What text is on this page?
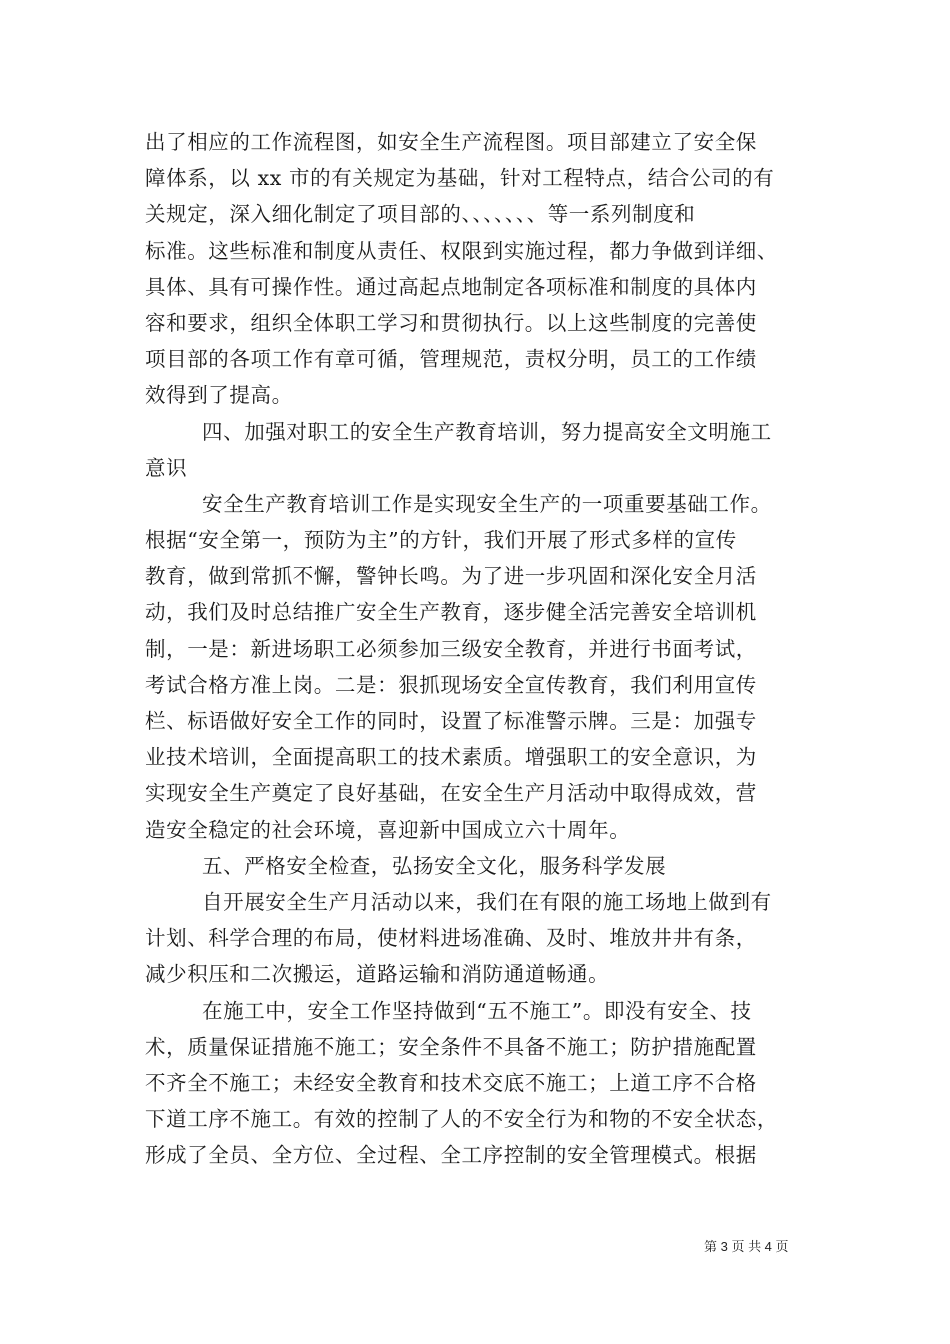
出了相应的工作流程图，如安全生产流程图。项目部建立了安全保
障体系，以 xx 市的有关规定为基础，针对工程特点，结合公司的有
关规定，深入细化制定了项目部的、、、、、、、等一系列制度和
标准。这些标准和制度从责任、权限到实施过程，都力争做到详细、
具体、具有可操作性。通过高起点地制定各项标准和制度的具体内
容和要求，组织全体职工学习和贯彻执行。以上这些制度的完善使
项目部的各项工作有章可循，管理规范，责权分明，员工的工作绩
效得到了提高。
四、加强对职工的安全生产教育培训，努力提高安全文明施工
意识
安全生产教育培训工作是实现安全生产的一项重要基础工作。
根据“安全第一，预防为主”的方针，我们开展了形式多样的宣传
教育，做到常抓不懈，警钟长鸣。为了进一步巩固和深化安全月活
动，我们及时总结推广安全生产教育，逐步健全活完善安全培训机
制，一是：新进场职工必须参加三级安全教育，并进行书面考试，
考试合格方准上岗。二是：狠抓现场安全宣传教育，我们利用宣传
栏、标语做好安全工作的同时，设置了标准警示牌。三是：加强专
业技术培训，全面提高职工的技术素质。增强职工的安全意识，为
实现安全生产奠定了良好基础，在安全生产月活动中取得成效，营
造安全稳定的社会环境，喜迎新中国成立六十周年。
五、严格安全检查，弘扬安全文化，服务科学发展
自开展安全生产月活动以来，我们在有限的施工场地上做到有
计划、科学合理的布局，使材料进场准确、及时、堆放井井有条，
减少积压和二次搬运，道路运输和消防通道畅通。
在施工中，安全工作坚持做到“五不施工”。即没有安全、技
术，质量保证措施不施工；安全条件不具备不施工；防护措施配置
不齐全不施工；未经安全教育和技术交底不施工；上道工序不合格
下道工序不施工。有效的控制了人的不安全行为和物的不安全状态，
形成了全员、全方位、全过程、全工序控制的安全管理模式。根据
第 3 页 共 4 页
